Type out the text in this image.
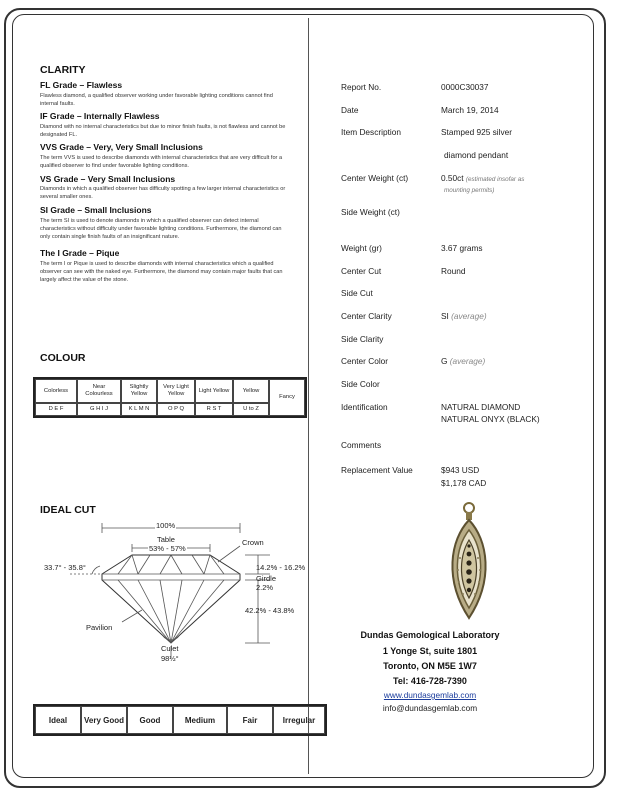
CLARITY
FL Grade – Flawless
Flawless diamond, a qualified observer working under favorable lighting conditions cannot find internal faults.
IF Grade – Internally Flawless
Diamond with no internal characteristics but due to minor finish faults, is not flawless and cannot be designated FL.
VVS Grade – Very, Very Small Inclusions
The term VVS is used to describe diamonds with internal characteristics that are very difficult for a qualified observer to find under favorable lighting conditions.
VS Grade – Very Small Inclusions
Diamonds in which a qualified observer has difficulty spotting a few larger internal characteristics or several smaller ones.
SI Grade – Small Inclusions
The term SI is used to denote diamonds in which a qualified observer can detect internal characteristics without difficulty under favorable lighting conditions. Furthermore, the diamond can only contain single finish faults of an insignificant nature.
The I Grade – Pique
The term I or Pique is used to describe diamonds with internal characteristics which a qualified observer can see with the naked eye. Furthermore, the diamond may contain major faults that can largely affect the value of the stone.
COLOUR
Colorless	Near Colourless	Slightly Yellow	Very Light Yellow	Light Yellow	Yellow	Fancy
D E F	G H I J	K L M N	O P Q	R S T	U to Z	
IDEAL CUT
100%
Table
53% - 57%
Crown
33.7° - 35.8°	14.2% - 16.2%
Girdle
2.2%
42.2% - 43.8%
Pavilion
Culet
98½°
Ideal	Very Good	Good	Medium	Fair	Irregular
Report No.	0000C30037
Date	March 19, 2014
Item Description	Stamped 925 silver
diamond pendant
Center Weight (ct)	0.50ct (estimated insofar as
mounting permits)
Side Weight (ct)
Weight (gr)	3.67 grams
Center Cut	Round
Side Cut
Center Clarity	SI (average)
Side Clarity
Center Color	G (average)
Side Color
Identification	NATURAL DIAMOND
NATURAL ONYX (BLACK)
Comments
Replacement Value	$943 USD
$1,178 CAD
Dundas Gemological Laboratory
1 Yonge St, suite 1801
Toronto, ON M5E 1W7
Tel: 416-728-7390
www.dundasgemlab.com
info@dundasgemlab.com
